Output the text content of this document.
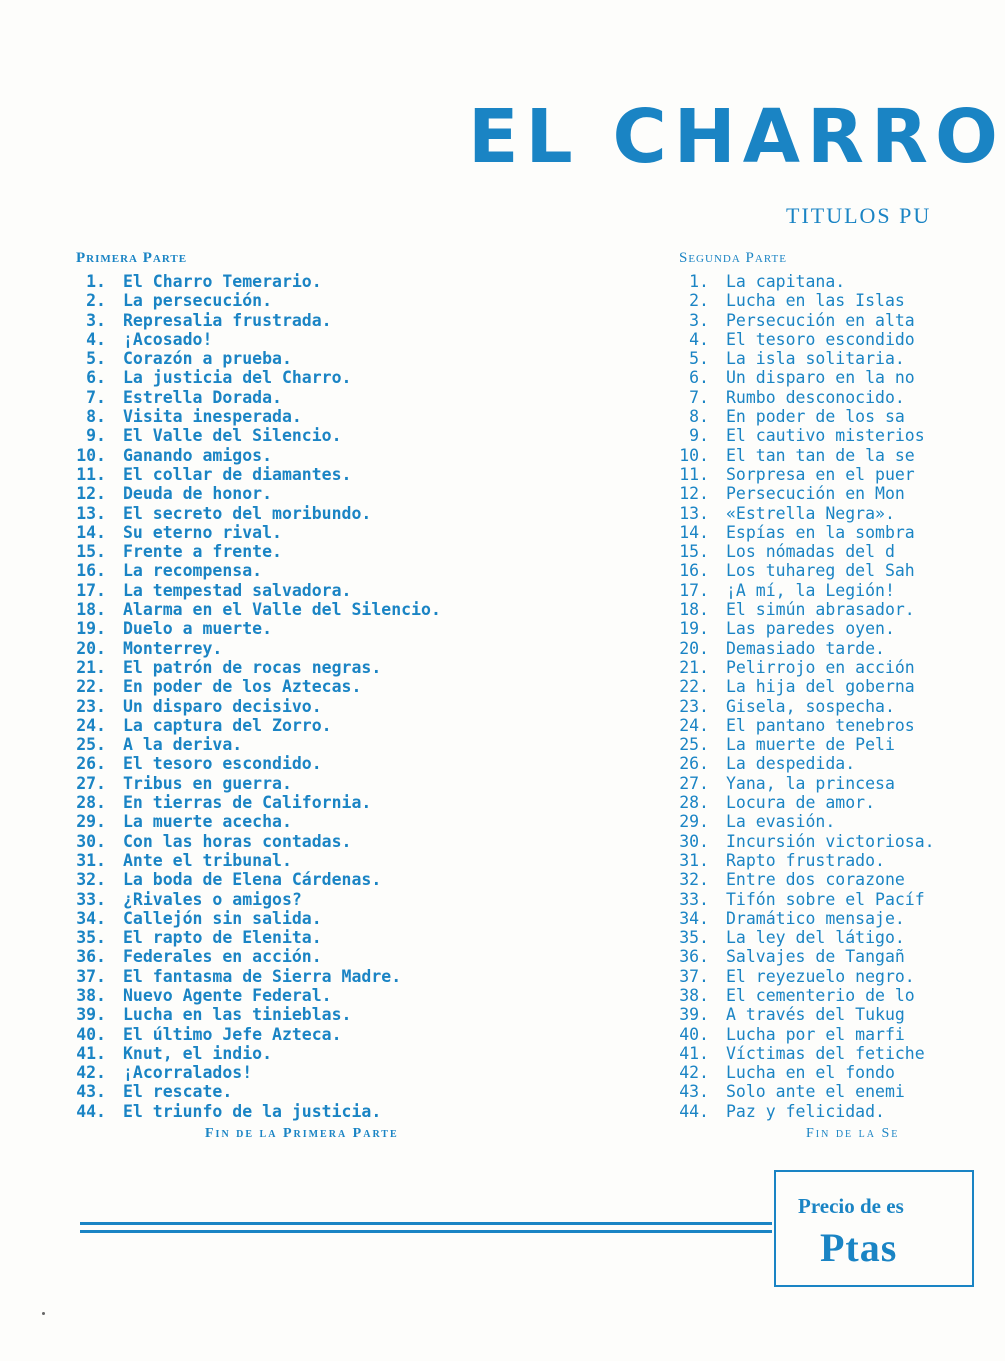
EL CHARRO
TITULOS PU
Primera Parte
1. El Charro Temerario.
2. La persecución.
3. Represalia frustrada.
4. ¡Acosado!
5. Corazón a prueba.
6. La justicia del Charro.
7. Estrella Dorada.
8. Visita inesperada.
9. El Valle del Silencio.
10. Ganando amigos.
11. El collar de diamantes.
12. Deuda de honor.
13. El secreto del moribundo.
14. Su eterno rival.
15. Frente a frente.
16. La recompensa.
17. La tempestad salvadora.
18. Alarma en el Valle del Silencio.
19. Duelo a muerte.
20. Monterrey.
21. El patrón de rocas negras.
22. En poder de los Aztecas.
23. Un disparo decisivo.
24. La captura del Zorro.
25. A la deriva.
26. El tesoro escondido.
27. Tribus en guerra.
28. En tierras de California.
29. La muerte acecha.
30. Con las horas contadas.
31. Ante el tribunal.
32. La boda de Elena Cárdenas.
33. ¿Rivales o amigos?
34. Callejón sin salida.
35. El rapto de Elenita.
36. Federales en acción.
37. El fantasma de Sierra Madre.
38. Nuevo Agente Federal.
39. Lucha en las tinieblas.
40. El último Jefe Azteca.
41. Knut, el indio.
42. ¡Acorralados!
43. El rescate.
44. El triunfo de la justicia.
Segunda Parte
1. La capitana.
2. Lucha en las Islas
3. Persecución en alta
4. El tesoro escondido
5. La isla solitaria.
6. Un disparo en la no
7. Rumbo desconocido.
8. En poder de los sa
9. El cautivo misterios
10. El tan tan de la se
11. Sorpresa en el puer
12. Persecución en Mon
13. «Estrella Negra».
14. Espías en la sombra
15. Los nómadas del d
16. Los tuhareg del Sah
17. ¡A mí, la Legión!
18. El simún abrasador.
19. Las paredes oyen.
20. Demasiado tarde.
21. Pelirrojo en acción
22. La hija del goberna
23. Gisela, sospecha.
24. El pantano tenebros
25. La muerte de Peli
26. La despedida.
27. Yana, la princesa
28. Locura de amor.
29. La evasión.
30. Incursión victoriosa.
31. Rapto frustrado.
32. Entre dos corazone
33. Tifón sobre el Pacíf
34. Dramático mensaje.
35. La ley del látigo.
36. Salvajes de Tangañ
37. El reyezuelo negro.
38. El cementerio de lo
39. A través del Tukug
40. Lucha por el marfi
41. Víctimas del fetiche
42. Lucha en el fondo
43. Solo ante el enemi
44. Paz y felicidad.
Fin de la Primera Parte	Fin de la Se
Precio de es
Ptas
